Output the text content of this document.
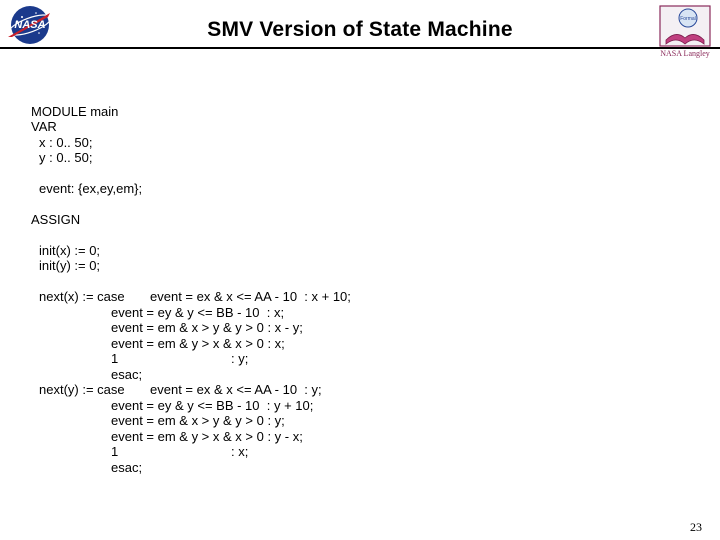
NASA	SMV Version of State Machine	Formal
NASA Langley
MODULE main
VAR
x : 0.. 50;
y : 0.. 50;
event: {ex,ey,em};
ASSIGN
init(x) := 0;
init(y) := 0;
next(x) := case event = ex & x <= AA - 10  : x + 10;
event = ey & y <= BB - 10  : x;
event = em & x > y & y > 0 : x - y;
event = em & y > x & x > 0 : x;
1	: y;
esac;
next(y) := case event = ex & x <= AA - 10  : y;
event = ey & y <= BB - 10  : y + 10;
event = em & x > y & y > 0 : y;
event = em & y > x & x > 0 : y - x;
1	: x;
esac;
23
